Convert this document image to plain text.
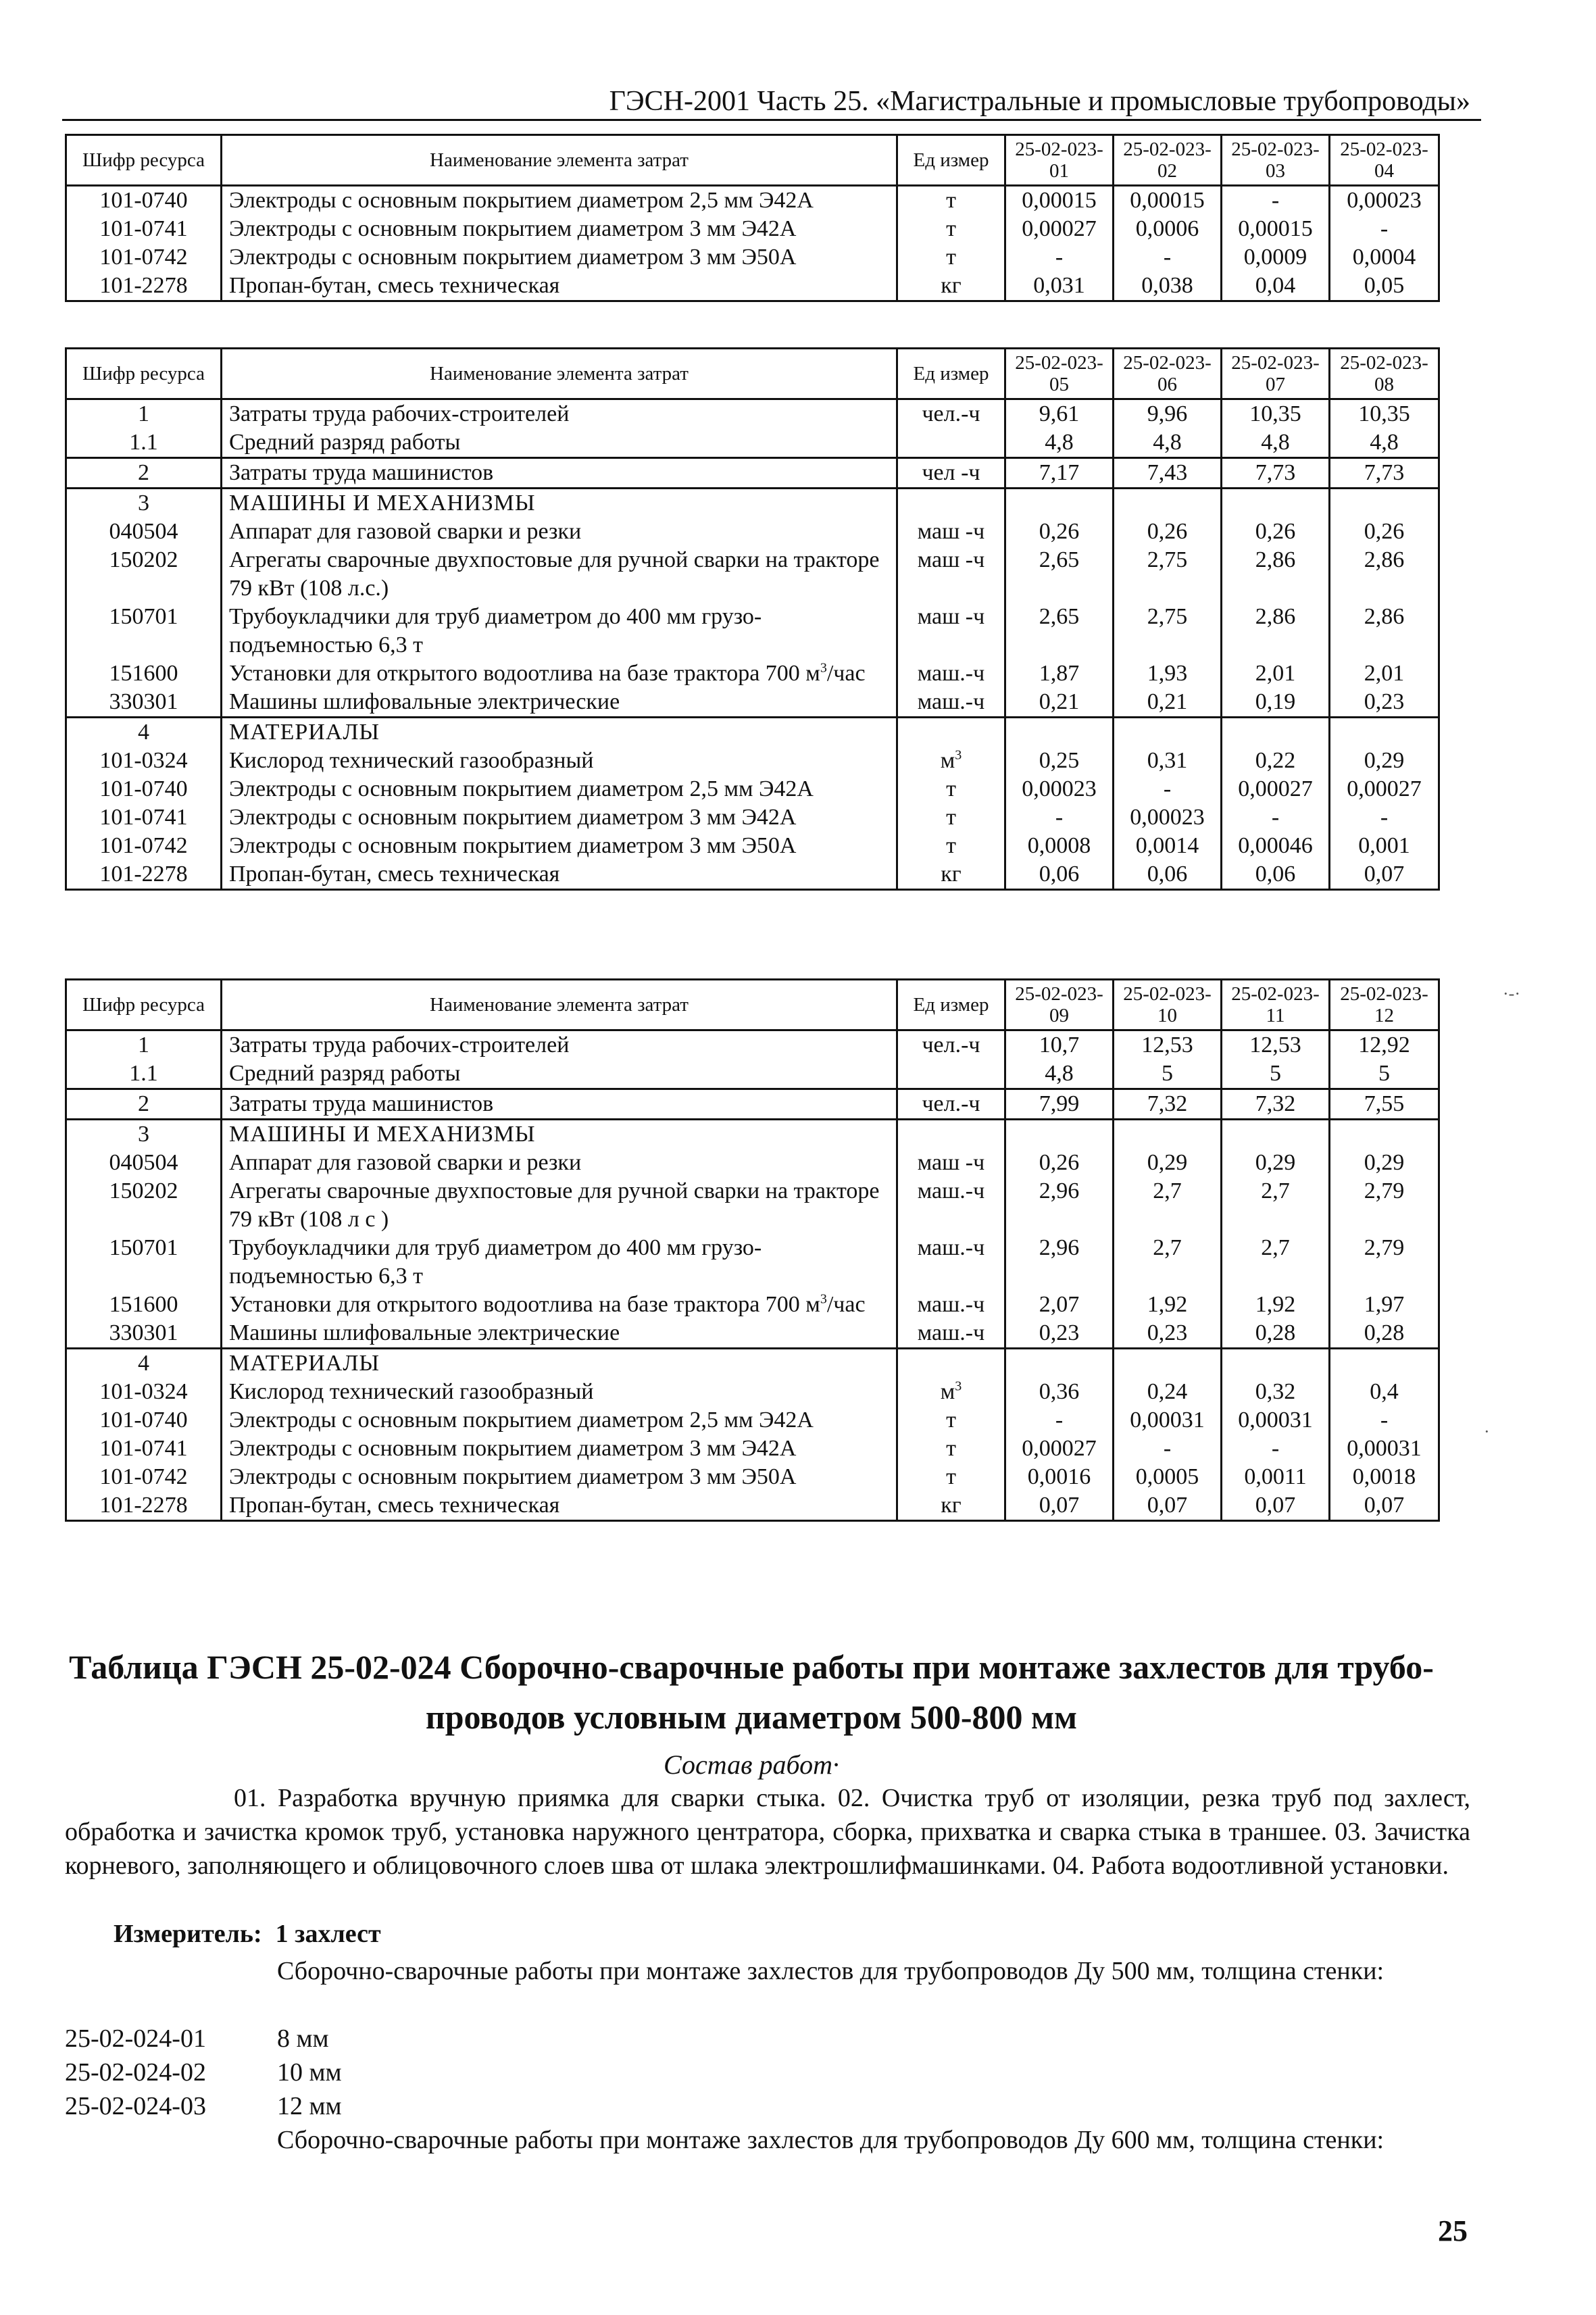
ГЭСН-2001 Часть 25. «Магистральные и промысловые трубопроводы»
Шифр ресурса	Наименование элемента затрат	Ед измер	25-02-023-01	25-02-023-02	25-02-023-03	25-02-023-04
101-0740	Электроды с основным покрытием диаметром 2,5 мм Э42А	т	0,00015	0,00015	-	0,00023
101-0741	Электроды с основным покрытием диаметром 3 мм Э42А	т	0,00027	0,0006	0,00015	-
101-0742	Электроды с основным покрытием диаметром 3 мм Э50А	т	-	-	0,0009	0,0004
101-2278	Пропан-бутан, смесь техническая	кг	0,031	0,038	0,04	0,05
Шифр ресурса	Наименование элемента затрат	Ед измер	25-02-023-05	25-02-023-06	25-02-023-07	25-02-023-08
1	Затраты труда рабочих-строителей	чел.-ч	9,61	9,96	10,35	10,35
1.1	Средний разряд работы		4,8	4,8	4,8	4,8
2	Затраты труда машинистов	чел -ч	7,17	7,43	7,73	7,73
3	МАШИНЫ И МЕХАНИЗМЫ					
040504	Аппарат для газовой сварки и резки	маш -ч	0,26	0,26	0,26	0,26
150202	Агрегаты сварочные двухпостовые для ручной сварки на тракторе 79 кВт (108 л.с.)	маш -ч	2,65	2,75	2,86	2,86
150701	Трубоукладчики для труб диаметром до 400 мм грузо-подъемностью 6,3 т	маш -ч	2,65	2,75	2,86	2,86
151600	Установки для открытого водоотлива на базе трактора 700 $м^3$/час	маш.-ч	1,87	1,93	2,01	2,01
330301	Машины шлифовальные электрические	маш.-ч	0,21	0,21	0,19	0,23
4	МАТЕРИАЛЫ					
101-0324	Кислород технический газообразный	$м^3$	0,25	0,31	0,22	0,29
101-0740	Электроды с основным покрытием диаметром 2,5 мм Э42А	т	0,00023	-	0,00027	0,00027
101-0741	Электроды с основным покрытием диаметром 3 мм Э42А	т	-	0,00023	-	-
101-0742	Электроды с основным покрытием диаметром 3 мм Э50А	т	0,0008	0,0014	0,00046	0,001
101-2278	Пропан-бутан, смесь техническая	кг	0,06	0,06	0,06	0,07
Шифр ресурса	Наименование элемента затрат	Ед измер	25-02-023-09	25-02-023-10	25-02-023-11	25-02-023-12
1	Затраты труда рабочих-строителей	чел.-ч	10,7	12,53	12,53	12,92
1.1	Средний разряд работы		4,8	5	5	5
2	Затраты труда машинистов	чел.-ч	7,99	7,32	7,32	7,55
3	МАШИНЫ И МЕХАНИЗМЫ					
040504	Аппарат для газовой сварки и резки	маш -ч	0,26	0,29	0,29	0,29
150202	Агрегаты сварочные двухпостовые для ручной сварки на тракторе 79 кВт (108 л с )	маш.-ч	2,96	2,7	2,7	2,79
150701	Трубоукладчики для труб диаметром до 400 мм грузо-подъемностью 6,3 т	маш.-ч	2,96	2,7	2,7	2,79
151600	Установки для открытого водоотлива на базе трактора 700 $м^3$/час	маш.-ч	2,07	1,92	1,92	1,97
330301	Машины шлифовальные электрические	маш.-ч	0,23	0,23	0,28	0,28
4	МАТЕРИАЛЫ					
101-0324	Кислород технический газообразный	$м^3$	0,36	0,24	0,32	0,4
101-0740	Электроды с основным покрытием диаметром 2,5 мм Э42А	т	-	0,00031	0,00031	-
101-0741	Электроды с основным покрытием диаметром 3 мм Э42А	т	0,00027	-	-	0,00031
101-0742	Электроды с основным покрытием диаметром 3 мм Э50А	т	0,0016	0,0005	0,0011	0,0018
101-2278	Пропан-бутан, смесь техническая	кг	0,07	0,07	0,07	0,07
Таблица ГЭСН 25-02-024 Сборочно-сварочные работы при монтаже захлестов для трубо-проводов условным диаметром 500-800 мм
Состав работ·
01. Разработка вручную приямка для сварки стыка. 02. Очистка труб от изоляции, резка труб под захлест, обработка и зачистка кромок труб, установка наружного центратора, сборка, прихватка и сварка стыка в траншее. 03. Зачистка корневого, заполняющего и облицовочного слоев шва от шлака электрошлифмашинками. 04. Работа водоотливной установки.
Измеритель: 1 захлест
Сборочно-сварочные работы при монтаже захлестов для трубопроводов Ду 500 мм, толщина стенки:
25-02-024-01	8 мм
25-02-024-02	10 мм
25-02-024-03	12 мм
Сборочно-сварочные работы при монтаже захлестов для трубопроводов Ду 600 мм, толщина стенки:
25
·-·
·
